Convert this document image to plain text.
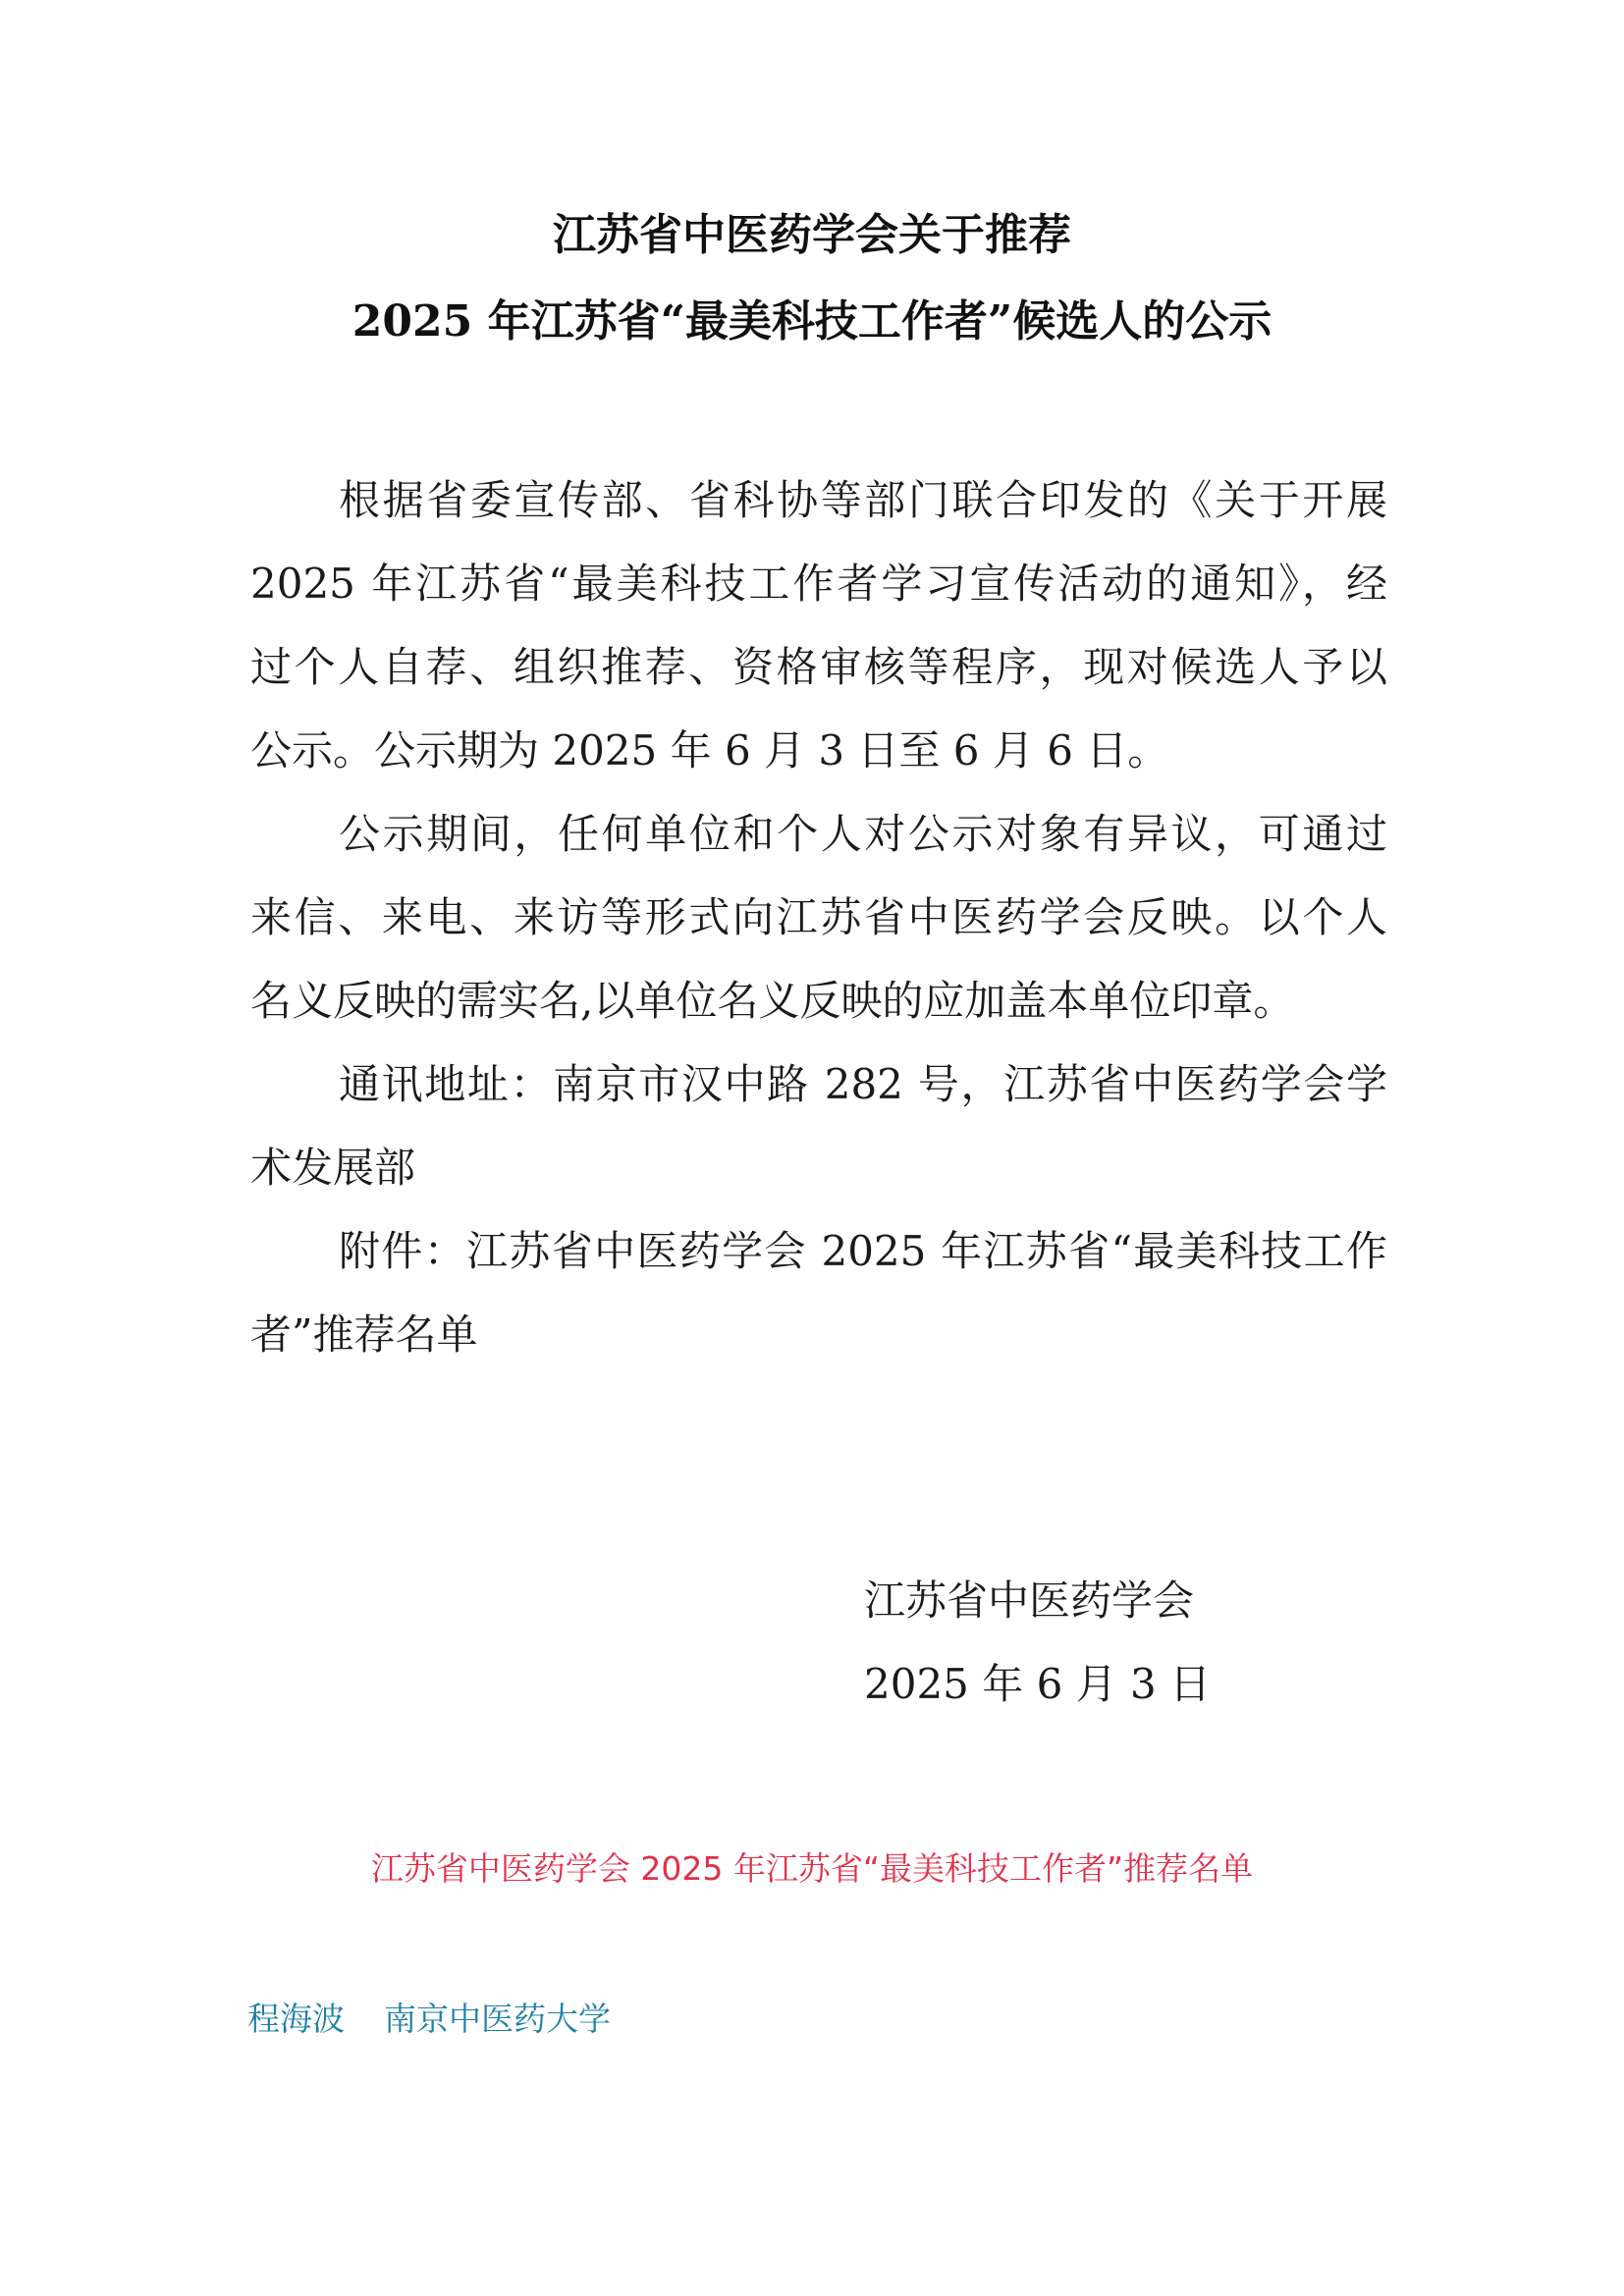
江苏省中医药学会关于推荐
2025 年江苏省“最美科技工作者”候选人的公示
根据省委宣传部、省科协等部门联合印发的《关于开展
2025 年江苏省“最美科技工作者学习宣传活动的通知》，经
过个人自荐、组织推荐、资格审核等程序，现对候选人予以
公示。公示期为 2025 年 6 月 3 日至 6 月 6 日。
公示期间，任何单位和个人对公示对象有异议，可通过
来信、来电、来访等形式向江苏省中医药学会反映。以个人
名义反映的需实名,以单位名义反映的应加盖本单位印章。
通讯地址：南京市汉中路 282 号，江苏省中医药学会学
术发展部
附件：江苏省中医药学会 2025 年江苏省“最美科技工作
者”推荐名单
江苏省中医药学会
2025 年 6 月 3 日
江苏省中医药学会 2025 年江苏省“最美科技工作者”推荐名单
程海波 南京中医药大学
